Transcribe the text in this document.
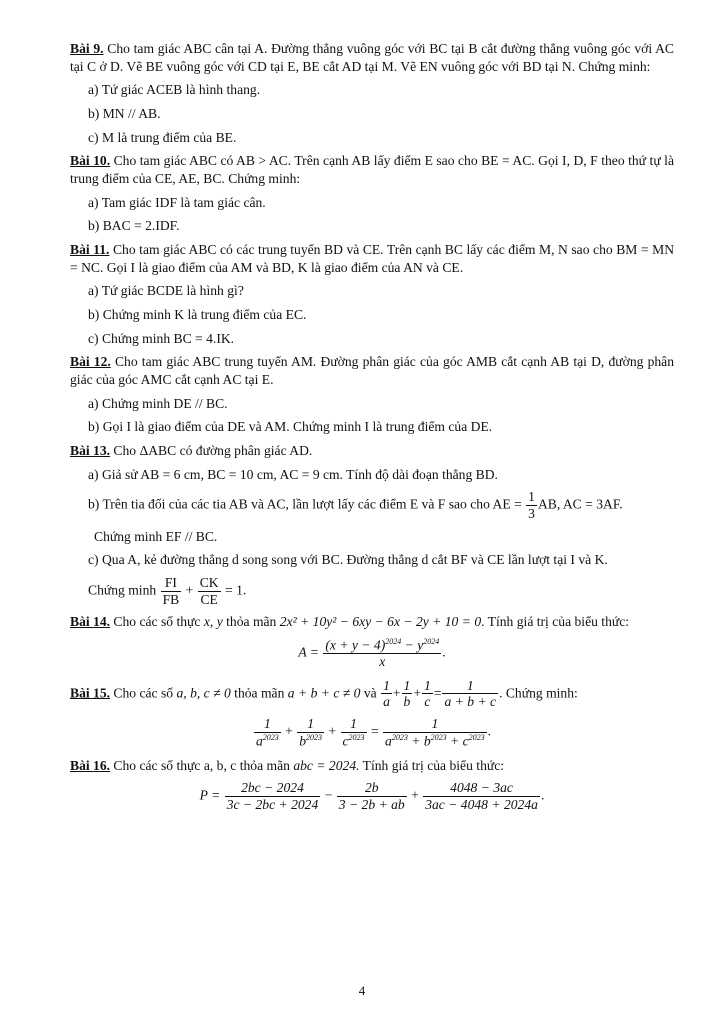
Bài 9. Cho tam giác ABC cân tại A. Đường thẳng vuông góc với BC tại B cắt đường thẳng vuông góc với AC tại C ở D. Vẽ BE vuông góc với CD tại E, BE cắt AD tại M. Vẽ EN vuông góc với BD tại N. Chứng minh:

a) Tứ giác ACEB là hình thang.

b) MN // AB.

c) M là trung điểm của BE.

Bài 10. Cho tam giác ABC có AB > AC. Trên cạnh AB lấy điểm E sao cho BE = AC. Gọi I, D, F theo thứ tự là trung điểm của CE, AE, BC. Chứng minh:

a) Tam giác IDF là tam giác cân.

b) BAC = 2.IDF.

Bài 11. Cho tam giác ABC có các trung tuyến BD và CE. Trên cạnh BC lấy các điểm M, N sao cho BM = MN = NC. Gọi I là giao điểm của AM và BD, K là giao điểm của AN và CE.

a) Tứ giác BCDE là hình gì?

b) Chứng minh K là trung điểm của EC.

c) Chứng minh BC = 4.IK.

Bài 12. Cho tam giác ABC trung tuyến AM. Đường phân giác của góc AMB cắt cạnh AB tại D, đường phân giác của góc AMC cắt cạnh AC tại E.

a) Chứng minh DE // BC.

b) Gọi I là giao điểm của DE và AM. Chứng minh I là trung điểm của DE.

Bài 13. Cho ΔABC có đường phân giác AD.

a) Giả sử AB = 6 cm, BC = 10 cm, AC = 9 cm. Tính độ dài đoạn thẳng BD.

b) Trên tia đối của các tia AB và AC, lần lượt lấy các điểm E và F sao cho AE = $\frac{1}{3}$ AB, AC = 3AF.

Chứng minh EF // BC.

c) Qua A, kẻ đường thẳng d song song với BC. Đường thẳng d cắt BF và CE lần lượt tại I và K.

Chứng minh $\frac{FI}{FB} + \frac{CK}{CE} = 1$.

Bài 14. Cho các số thực x, y thỏa mãn 2x² + 10y² − 6xy − 6x − 2y + 10 = 0. Tính giá trị của biểu thức:

$A = \frac{(x + y - 4)^{2024} - y^{2024}}{x}$ .

Bài 15. Cho các số a, b, c ≠ 0 thỏa mãn a + b + c ≠ 0 và $\frac{1}{a} + \frac{1}{b} + \frac{1}{c} = \frac{1}{a + b + c}$ . Chứng minh:

$\frac{1}{a^{2023}} + \frac{1}{b^{2023}} + \frac{1}{c^{2023}} = \frac{1}{a^{2023} + b^{2023} + c^{2023}}$ .

Bài 16. Cho các số thực a, b, c thỏa mãn abc = 2024. Tính giá trị của biểu thức:

$P = \frac{2bc - 2024}{3c - 2bc + 2024} - \frac{2b}{3 - 2b + ab} + \frac{4048 - 3ac}{3ac - 4048 + 2024a}$ .
4
